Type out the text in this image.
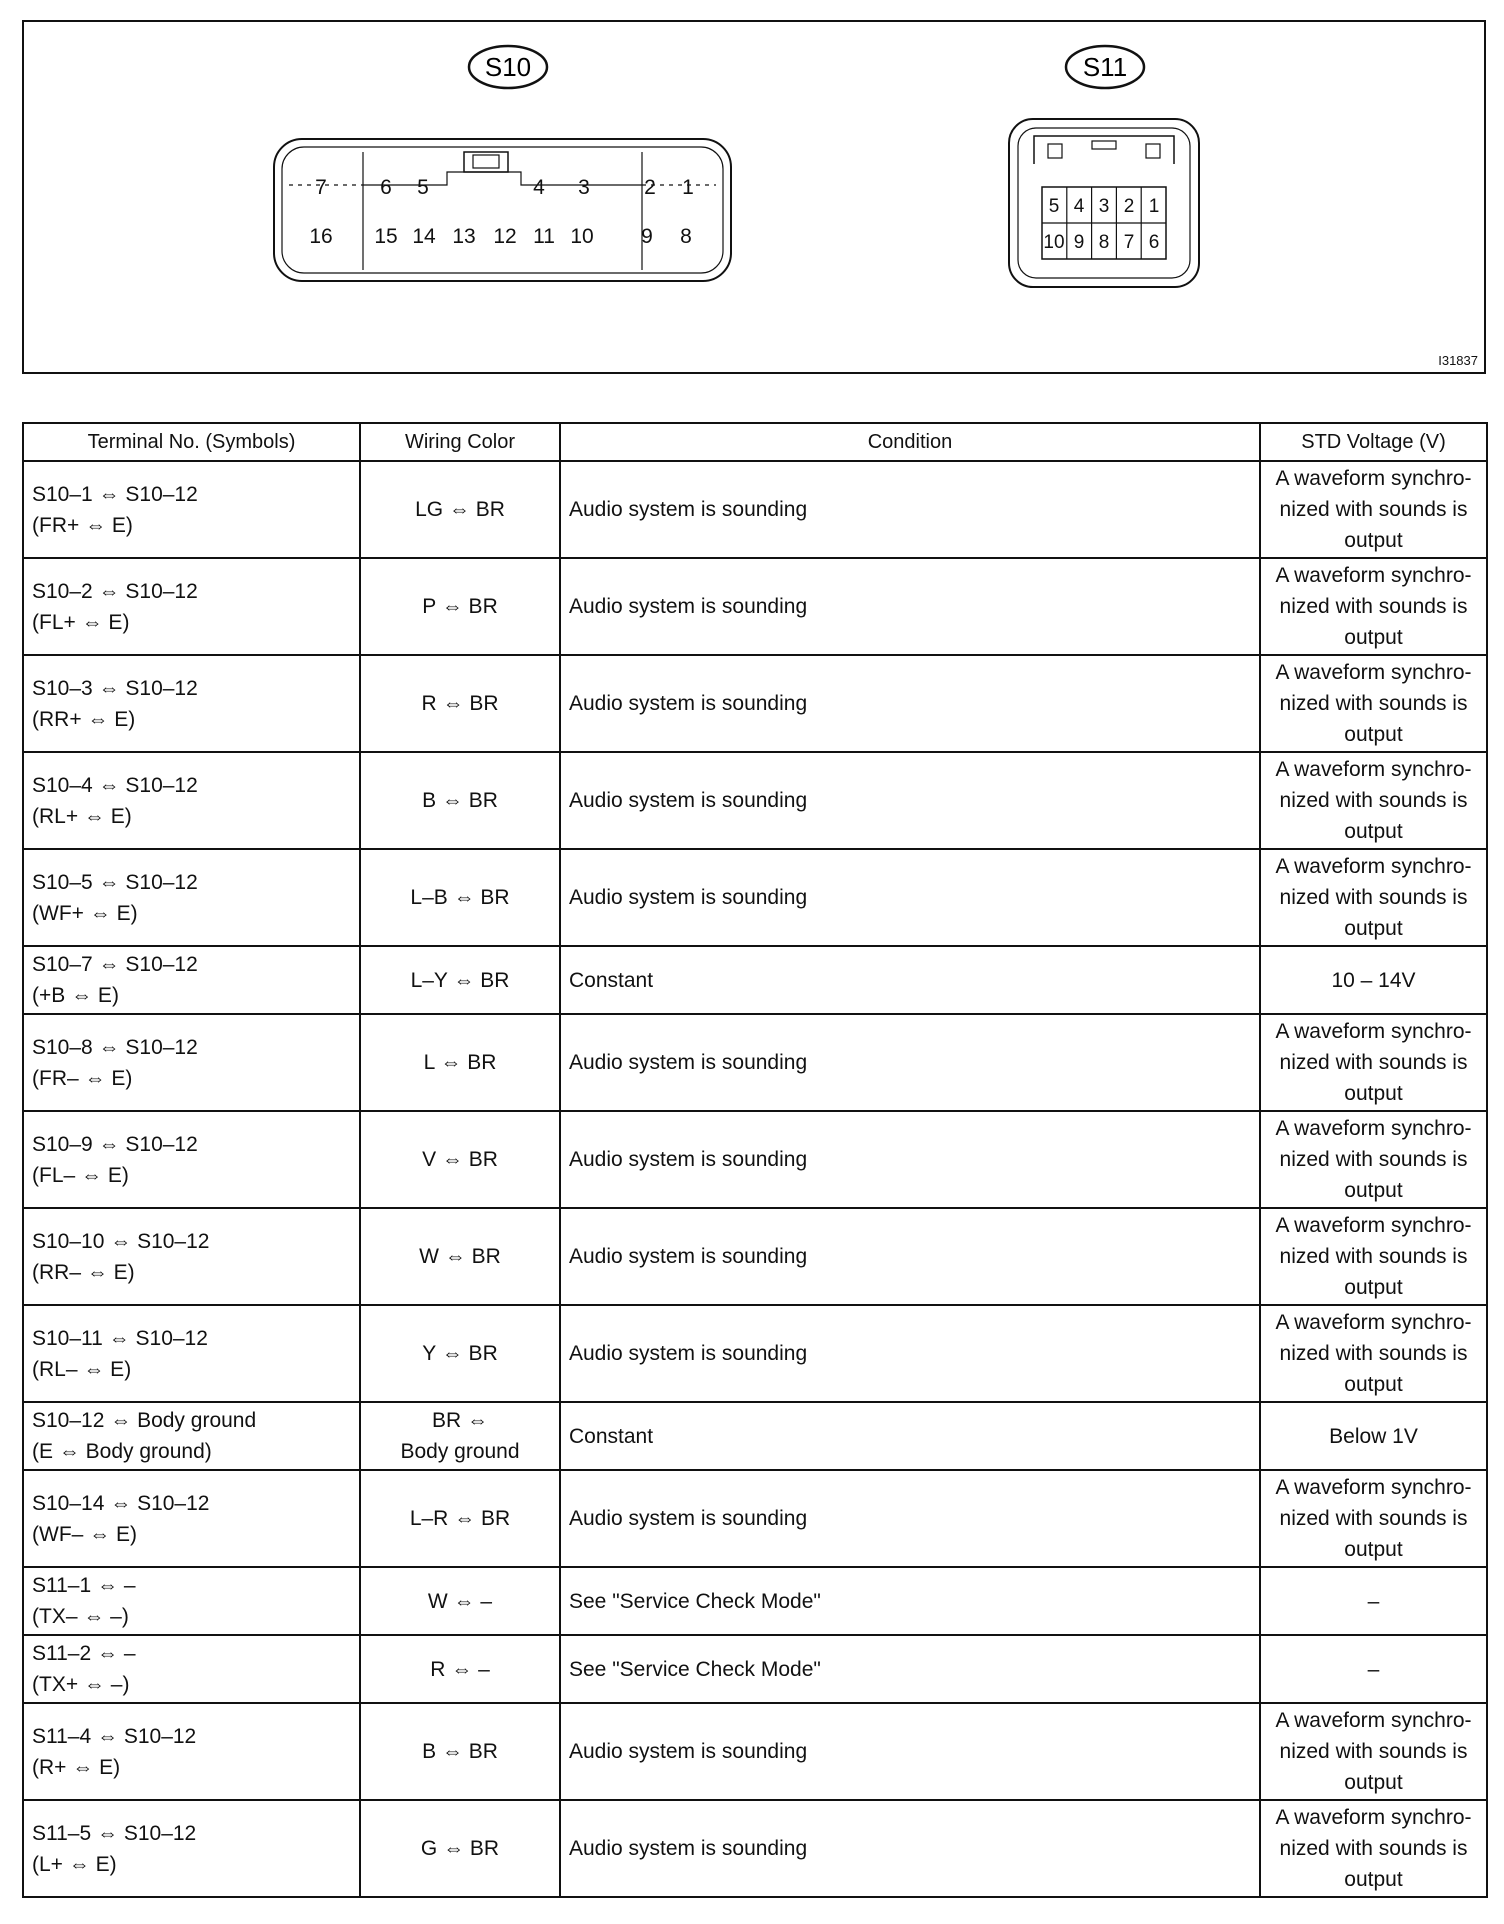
S10
7	6 5	4 3	2 1
16 15 14 13 12 11 10 9 8
S11
5 4 3 2 1
10 9 8 7 6
I31837
Terminal No. (Symbols)	Wiring Color	Condition	STD Voltage (V)

S10–1 ⇔ S10–12
(FR+ ⇔ E)	LG ⇔ BR	Audio system is sounding	A waveform synchro-
nized with sounds is
output

S10–2 ⇔ S10–12
(FL+ ⇔ E)	P ⇔ BR	Audio system is sounding	A waveform synchro-
nized with sounds is
output

S10–3 ⇔ S10–12
(RR+ ⇔ E)	R ⇔ BR	Audio system is sounding	A waveform synchro-
nized with sounds is
output

S10–4 ⇔ S10–12
(RL+ ⇔ E)	B ⇔ BR	Audio system is sounding	A waveform synchro-
nized with sounds is
output

S10–5 ⇔ S10–12
(WF+ ⇔ E)	L–B ⇔ BR	Audio system is sounding	A waveform synchro-
nized with sounds is
output

S10–7 ⇔ S10–12
(+B ⇔ E)	L–Y ⇔ BR	Constant	10 – 14V

S10–8 ⇔ S10–12
(FR– ⇔ E)	L ⇔ BR	Audio system is sounding	A waveform synchro-
nized with sounds is
output

S10–9 ⇔ S10–12
(FL– ⇔ E)	V ⇔ BR	Audio system is sounding	A waveform synchro-
nized with sounds is
output

S10–10 ⇔ S10–12
(RR– ⇔ E)	W ⇔ BR	Audio system is sounding	A waveform synchro-
nized with sounds is
output

S10–11 ⇔ S10–12
(RL– ⇔ E)	Y ⇔ BR	Audio system is sounding	A waveform synchro-
nized with sounds is
output

S10–12 ⇔ Body ground
(E ⇔ Body ground)	BR ⇔
Body ground	Constant	Below 1V

S10–14 ⇔ S10–12
(WF– ⇔ E)	L–R ⇔ BR	Audio system is sounding	A waveform synchro-
nized with sounds is
output

S11–1 ⇔ –
(TX– ⇔ –)	W ⇔ –	See "Service Check Mode"	–

S11–2 ⇔ –
(TX+ ⇔ –)	R ⇔ –	See "Service Check Mode"	–

S11–4 ⇔ S10–12
(R+ ⇔ E)	B ⇔ BR	Audio system is sounding	A waveform synchro-
nized with sounds is
output

S11–5 ⇔ S10–12
(L+ ⇔ E)	G ⇔ BR	Audio system is sounding	A waveform synchro-
nized with sounds is
output
